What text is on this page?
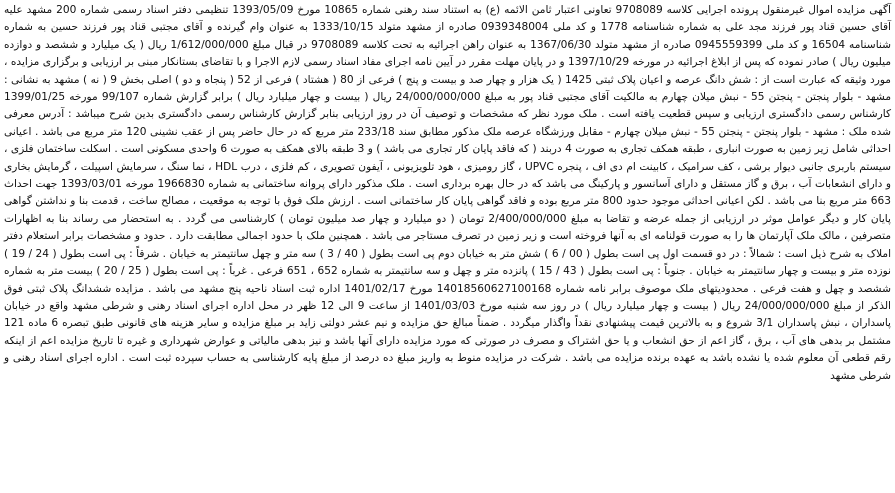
آگهی مزایده اموال غیرمنقول پرونده اجرایی کلاسه 9708089 تعاونی اعتبار ثامن الائمه (ع) به استناد سند رهنی شماره 10865 مورخ 1393/05/09 تنظیمی دفتر اسناد رسمی شماره 200 مشهد علیه آقای حسین قناد پور فرزند مجد علی به شماره شناسنامه 1778 و کد ملی 0939348004 صادره از مشهد متولد 1333/10/15 به عنوان وام گیرنده و آقای مجتبی قناد پور فرزند حسین به شماره شناسنامه 16504 و کد ملی 0945559399 صادره از مشهد متولد 1367/06/30 به عنوان راهن اجرائیه به تحت کلاسه 9708089 در قبال مبلغ 1/612/000/000 ریال ( یک میلیارد و ششصد و دوازده میلیون ریال ) صادر نموده که پس از ابلاغ اجرائیه در مورخه 1397/10/29 و در پایان مهلت مقرر در آیین نامه اجرای مفاد اسناد رسمی لازم الاجرا و با تقاضای بستانکار مبنی بر ارزیابی و برگزاری مزایده ، مورد وثیقه که عبارت است از : شش دانگ عرصه و اعیان پلاک ثبتی 1425 ( یک هزار و چهار صد و بیست و پنج ) فرعی از 80 ( هشتاد ) فرعی از 52 ( پنجاه و دو ) اصلی بخش 9 ( نه ) مشهد به نشانی : مشهد - بلوار پنجتن - پنجتن 55 - نبش میلان چهارم به مالکیت آقای مجتبی قناد پور به مبلغ 24/000/000/000 ریال ( بیست و چهار میلیارد ریال ) برابر گزارش شماره 99/107 مورخه 1399/01/25 کارشناس رسمی دادگستری ارزیابی و سپس قطعیت یافته است . ملک مورد نظر که مشخصات و توصیف آن در روز ارزیابی بنابر گزارش کارشناس رسمی دادگستری بدین شرح میباشد : آدرس معرفی شده ملک : مشهد - بلوار پنجتن - پنجتن 55 - نبش میلان چهارم - مقابل ورزشگاه عرصه ملک مذکور مطابق سند 233/18 متر مربع که در حال حاضر پس از عقب نشینی 120 متر مربع می باشد . اعیانی احداثی شامل زیر زمین به صورت انباری ، طبقه همکف تجاری به صورت 4 دربند ( که فاقد پایان کار تجاری می باشد ) و 3 طبقه بالای همکف به صورت 6 واحدی مسکونی است . اسکلت ساختمان فلزی ، سیستم باربری جانبی دیوار برشی ، کف سرامیک ، کابینت ام دی اف ، پنجره UPVC ، گاز روميزی ، هود تلویزیونی ، آیفون تصویری ، کم فلزی ، درب HDL ، نما سنگ ، سرمایش اسپیلت ، گرمایش بخاری و دارای انشعابات آب ، برق و گاز مستقل و دارای آسانسور و پارکینگ می باشد که در حال بهره برداری است . ملک مذکور دارای پروانه ساختمانی به شماره 1966830 مورخه 1393/03/01 جهت احداث 663 متر مربع بنا می باشد . لکن اعیانی احداثی موجود حدود 800 متر مربع بوده و فاقد گواهی پایان کار ساختمانی است . ارزش ملک فوق با توجه به موقعیت ، مصالح ساخت ، قدمت بنا و نداشتن گواهی پایان کار و دیگر عوامل موثر در ارزیابی از جمله عرضه و تقاضا به مبلغ 2/400/000/000 تومان ( دو میلیارد و چهار صد میلیون تومان ) کارشناسی می گردد . به استحضار می رساند بنا به اظهارات متصرفین ، مالک ملک آپارتمان ها را به صورت قولنامه ای به آنها فروخته است و زیر زمین در تصرف مستاجر می باشد . همچنین ملک با حدود اجمالی مطابقت دارد . حدود و مشخصات برابر استعلام دفتر املاک به شرح ذیل است : شمالاً : در دو قسمت اول پی است بطول ( 00 / 6 ) شش متر به خیابان دوم پی است بطول ( 40 / 3 ) سه متر و چهل سانتیمتر به خیابان . شرقاً : پی است بطول ( 24 / 19 ) نوزده متر و بیست و چهار سانتیمتر به خیابان . جنوباً : پی است بطول ( 43 / 15 ) پانزده متر و چهل و سه سانتیمتر به شماره 652 ، 651 فرعی . غرباً : پی است بطول ( 25 / 20 ) بیست متر به شماره ششصد و چهل و هفت فرعی . محدودیتهای ملک موصوف برابر نامه شماره 14018560627100168 مورخ 1401/02/17 اداره ثبت اسناد ناحیه پنج مشهد می باشد . مزایده ششدانگ پلاک ثبتی فوق الذکر از مبلغ 24/000/000/000 ریال ( بیست و چهار میلیارد ریال ) در روز سه شنبه مورخ 1401/03/03 از ساعت 9 الی 12 ظهر در محل اداره اجرای اسناد رهنی و شرطی مشهد واقع در خیابان پاسداران ، نبش پاسداران 3/1 شروع و به بالاترین قیمت پیشنهادی نقداً واگذار میگردد . ضمناً مبالغ حق مزایده و نیم عشر دولتی زاید بر مبلغ مزایده و سایر هزینه های قانونی طبق تبصره 6 ماده 121 مشتمل بر بدهی های آب ، برق ، گاز اعم از حق انشعاب و یا حق اشتراک و مصرف در صورتی که مورد مزایده دارای آنها باشد و نیز بدهی مالیاتی و عوارض شهرداری و غیره تا تاریخ مزایده اعم از اینکه رقم قطعی آن معلوم شده یا نشده باشد به عهده برنده مزایده می باشد . شرکت در مزایده منوط به واریز مبلغ ده درصد از مبلغ پایه کارشناسی به حساب سپرده ثبت است . اداره اجرای اسناد رهنی و شرطی مشهد
